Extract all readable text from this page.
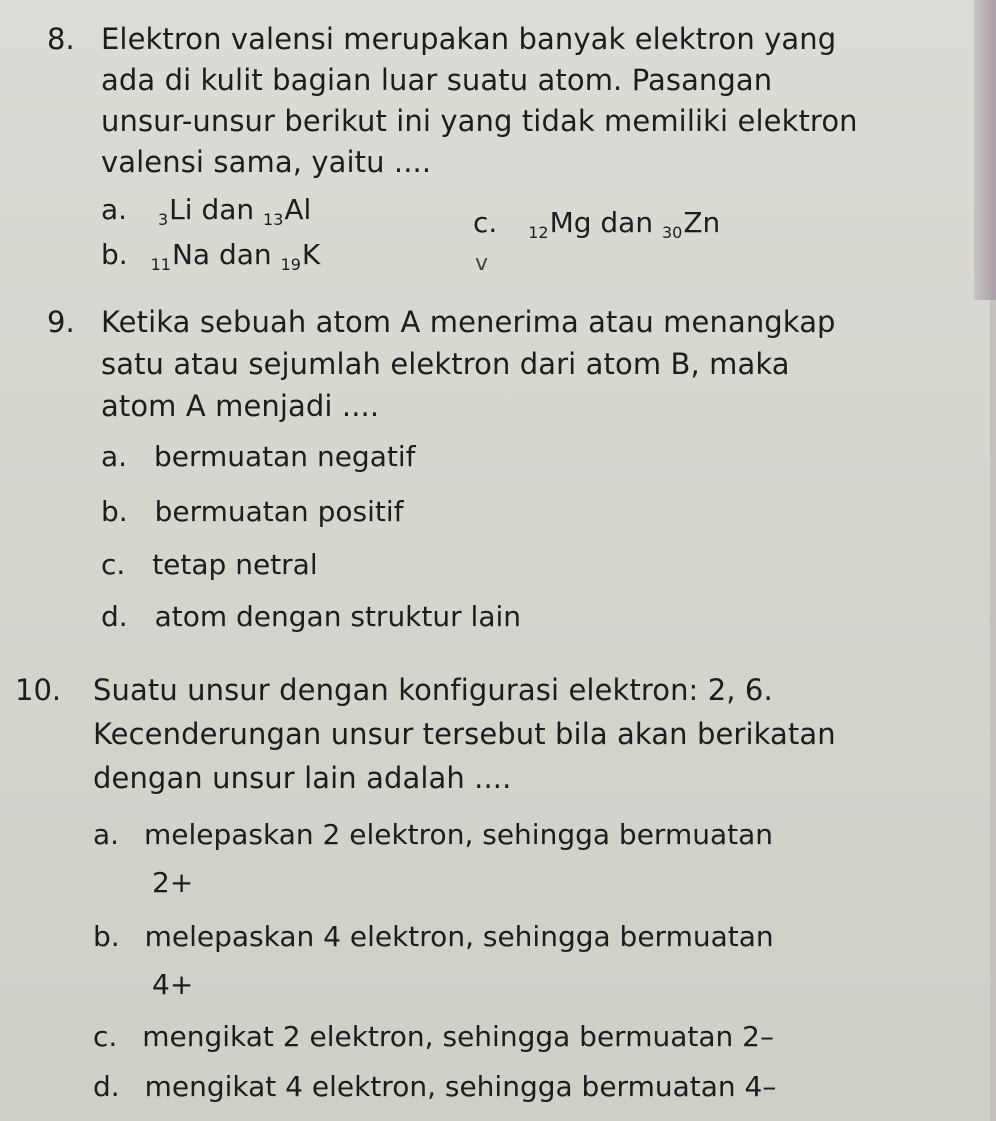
8. Elektron valensi merupakan banyak elektron yang
ada di kulit bagian luar suatu atom. Pasangan
unsur-unsur berikut ini yang tidak memiliki elektron
valensi sama, yaitu ....
a. $_3$Li dan $_{13}$Al
b. $_{11}$Na dan $_{19}$K
c. $_{12}$Mg dan $_{30}$Zn
v
9. Ketika sebuah atom A menerima atau menangkap
satu atau sejumlah elektron dari atom B, maka
atom A menjadi ....
a. bermuatan negatif
b. bermuatan positif
c. tetap netral
d. atom dengan struktur lain
10. Suatu unsur dengan konfigurasi elektron: 2, 6.
Kecenderungan unsur tersebut bila akan berikatan
dengan unsur lain adalah ....
a. melepaskan 2 elektron, sehingga bermuatan
2+
b. melepaskan 4 elektron, sehingga bermuatan
4+
c. mengikat 2 elektron, sehingga bermuatan 2–
d. mengikat 4 elektron, sehingga bermuatan 4–
